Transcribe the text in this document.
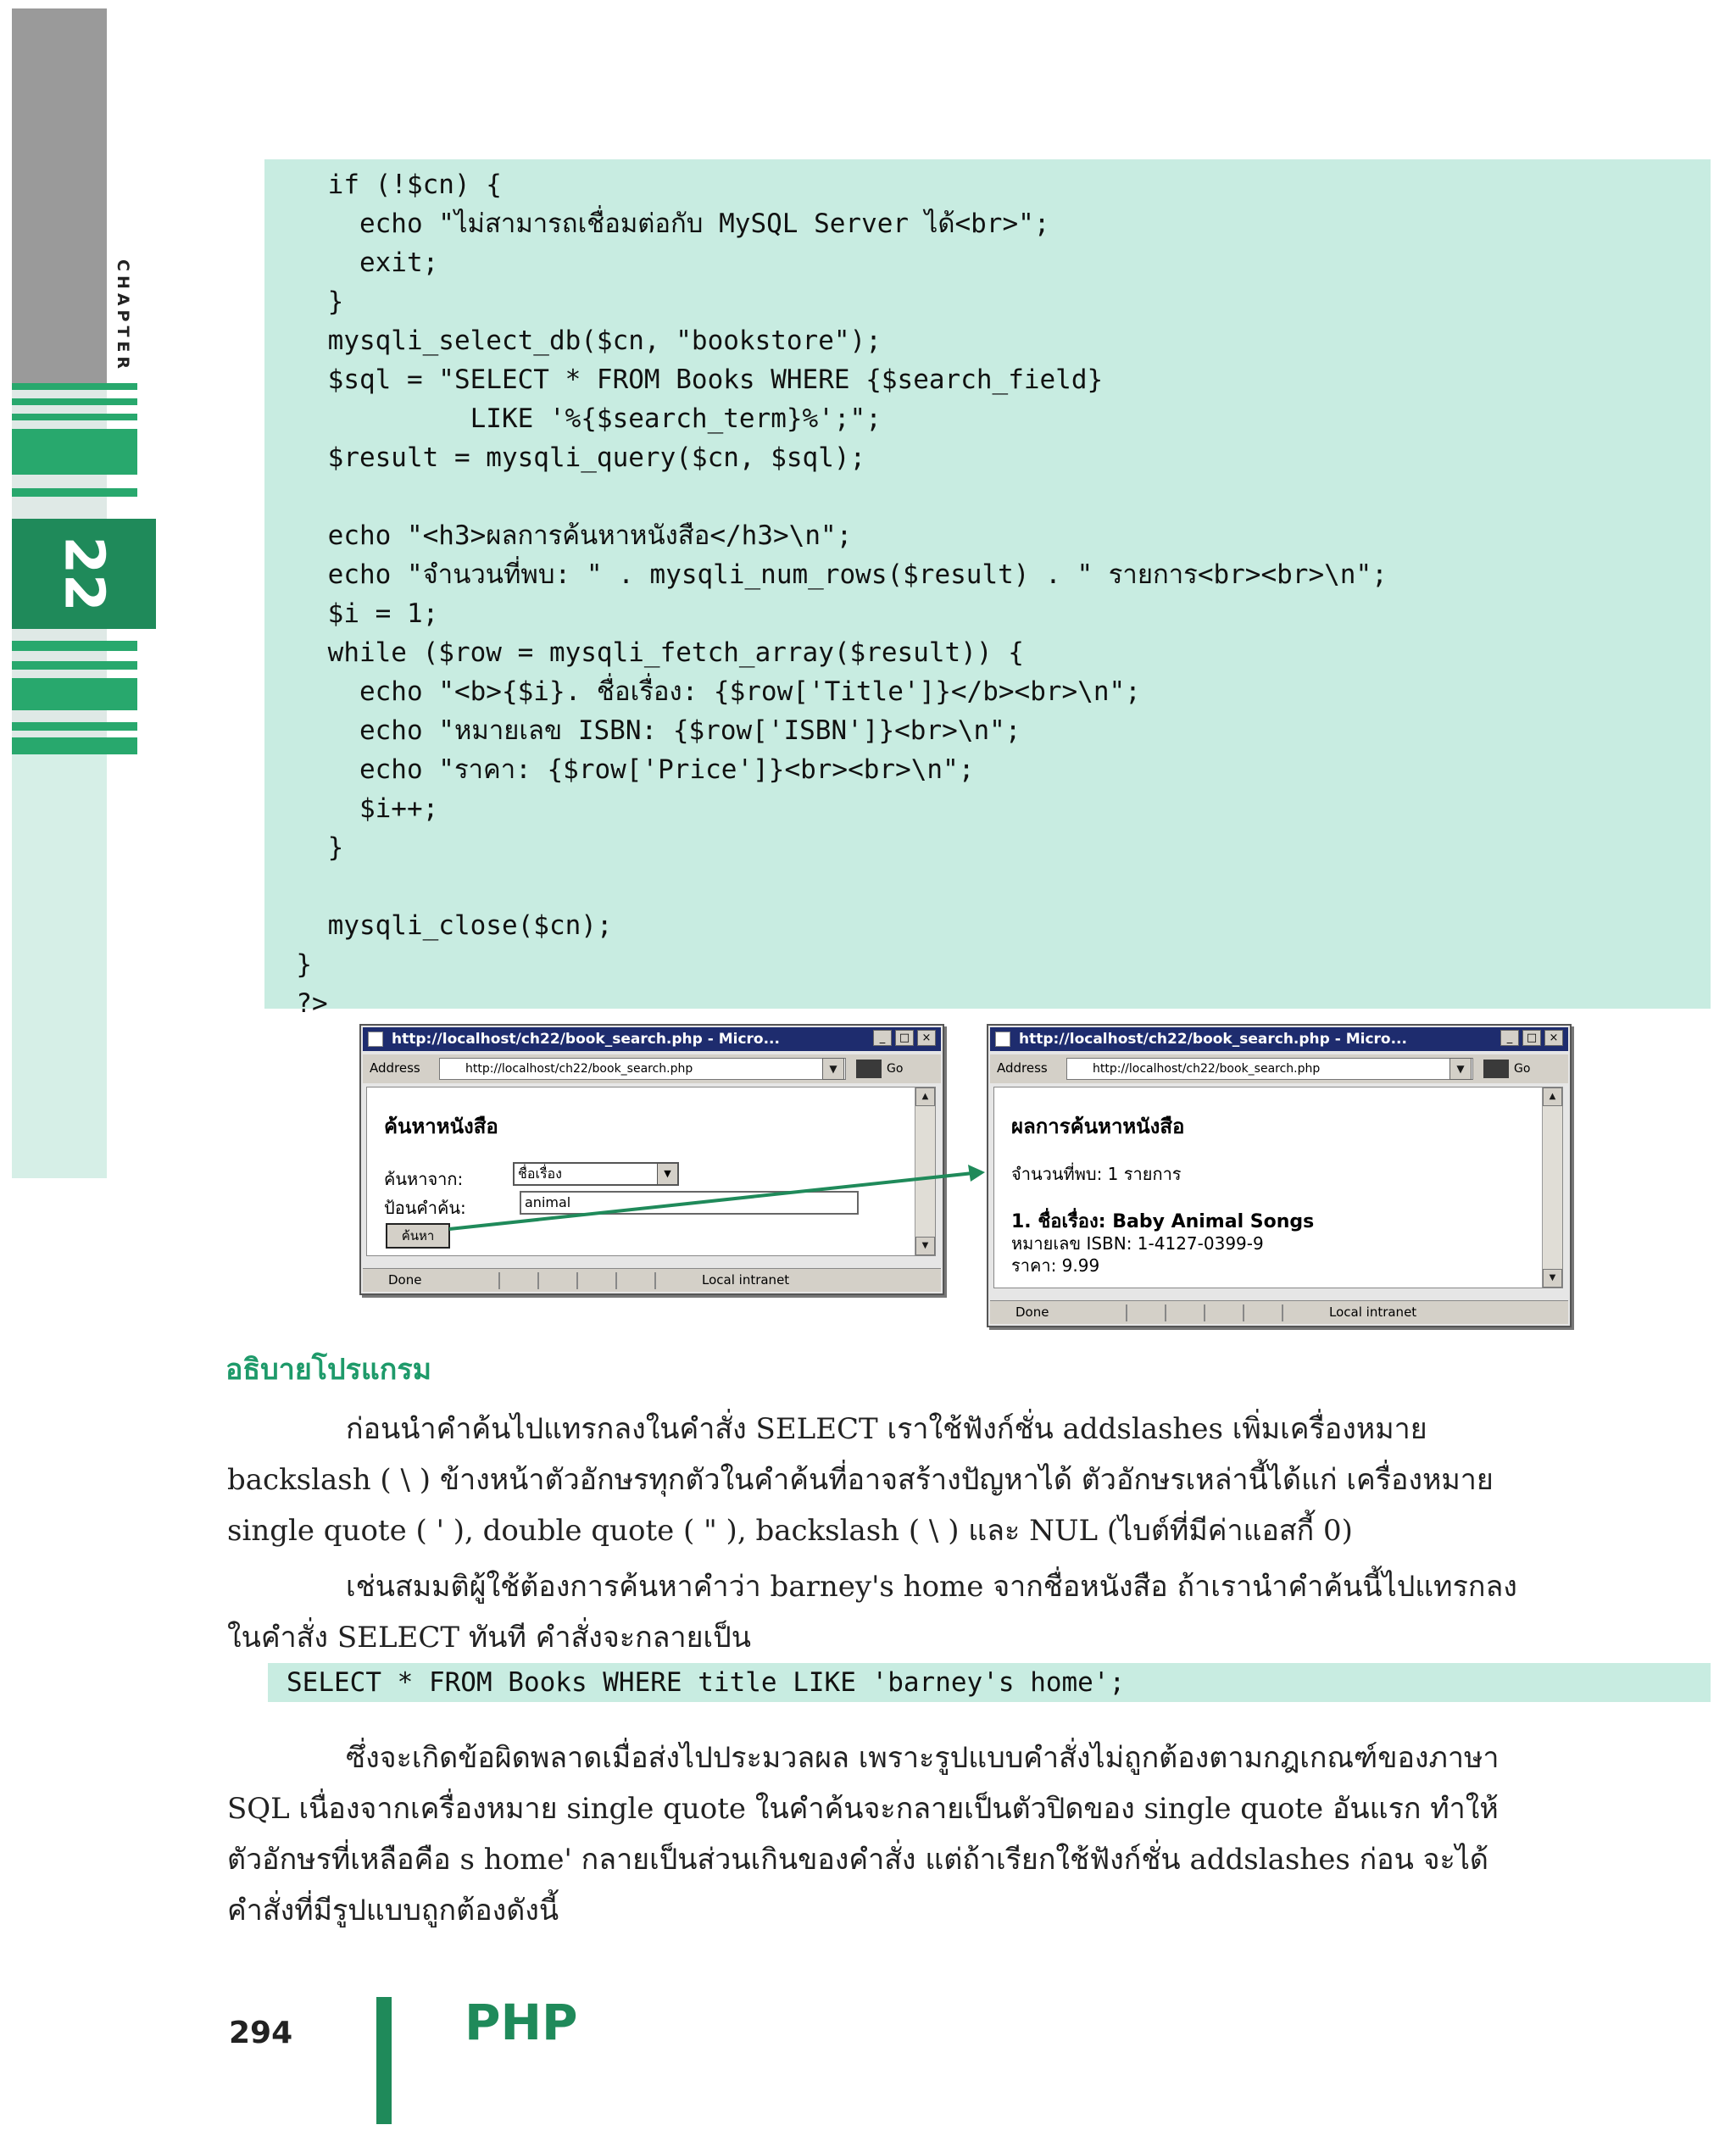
CHAPTER
22
if (!$cn) {
echo "ไม่สามารถเชื่อมต่อกับ MySQL Server ได้<br>";
exit;
}
mysqli_select_db($cn, "bookstore");
$sql = "SELECT * FROM Books WHERE {$search_field}
LIKE '%{$search_term}%';";
$result = mysqli_query($cn, $sql);
echo "<h3>ผลการค้นหาหนังสือ</h3>\n";
echo "จำนวนที่พบ: " . mysqli_num_rows($result) . " รายการ<br><br>\n";
$i = 1;
while ($row = mysqli_fetch_array($result)) {
echo "<b>{$i}. ชื่อเรื่อง: {$row['Title']}</b><br>\n";
echo "หมายเลข ISBN: {$row['ISBN']}<br>\n";
echo "ราคา: {$row['Price']}<br><br>\n";
$i++;
}
mysqli_close($cn);
}
?>
http://localhost/ch22/book_search.php - Micro...	_	□	×
Address	http://localhost/ch22/book_search.php	▼	Go
ค้นหาหนังสือ
ค้นหาจาก:	ชื่อเรื่อง	▼
ป้อนคำค้น:	animal
ค้นหา
▲
▼
Done	Local intranet
http://localhost/ch22/book_search.php - Micro...	_	□	×
Address	http://localhost/ch22/book_search.php	▼	Go
ผลการค้นหาหนังสือ
จำนวนที่พบ: 1 รายการ
1. ชื่อเรื่อง: Baby Animal Songs
หมายเลข ISBN: 1-4127-0399-9
ราคา: 9.99
▲
▼
Done	Local intranet
อธิบายโปรแกรม
ก่อนนำคำค้นไปแทรกลงในคำสั่ง SELECT เราใช้ฟังก์ชั่น addslashes เพิ่มเครื่องหมาย
backslash ( \ ) ข้างหน้าตัวอักษรทุกตัวในคำค้นที่อาจสร้างปัญหาได้ ตัวอักษรเหล่านี้ได้แก่ เครื่องหมาย
single quote ( ' ), double quote ( " ), backslash ( \ ) และ NUL (ไบต์ที่มีค่าแอสกี้ 0)
เช่นสมมติผู้ใช้ต้องการค้นหาคำว่า barney's home จากชื่อหนังสือ ถ้าเรานำคำค้นนี้ไปแทรกลง
ในคำสั่ง SELECT ทันที คำสั่งจะกลายเป็น
SELECT * FROM Books WHERE title LIKE 'barney's home';
ซึ่งจะเกิดข้อผิดพลาดเมื่อส่งไปประมวลผล เพราะรูปแบบคำสั่งไม่ถูกต้องตามกฎเกณฑ์ของภาษา
SQL เนื่องจากเครื่องหมาย single quote ในคำค้นจะกลายเป็นตัวปิดของ single quote อันแรก ทำให้
ตัวอักษรที่เหลือคือ s home' กลายเป็นส่วนเกินของคำสั่ง แต่ถ้าเรียกใช้ฟังก์ชั่น addslashes ก่อน จะได้
คำสั่งที่มีรูปแบบถูกต้องดังนี้
294	PHP
